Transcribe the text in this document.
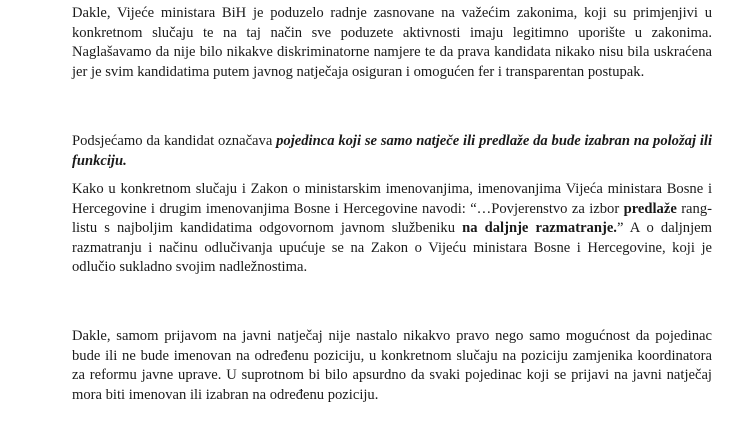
Dakle, Vijeće ministara BiH je poduzelo radnje zasnovane na važećim zakonima, koji su primjenjivi u konkretnom slučaju te na taj način sve poduzete aktivnosti imaju legitimno uporište u zakonima. Naglašavamo da nije bilo nikakve diskriminatorne namjere te da prava kandidata nikako nisu bila uskraćena jer je svim kandidatima putem javnog natječaja osiguran i omogućen fer i transparentan postupak.

Podsjećamo da kandidat označava pojedinca koji se samo natječe ili predlaže da bude izabran na položaj ili funkciju.

Kako u konkretnom slučaju i Zakon o ministarskim imenovanjima, imenovanjima Vijeća ministara Bosne i Hercegovine i drugim imenovanjima Bosne i Hercegovine navodi: “…Povjerenstvo za izbor predlaže rang-listu s najboljim kandidatima odgovornom javnom službeniku na daljnje razmatranje.” A o daljnjem razmatranju i načinu odlučivanja upućuje se na Zakon o Vijeću ministara Bosne i Hercegovine, koji je odlučio sukladno svojim nadležnostima.

Dakle, samom prijavom na javni natječaj nije nastalo nikakvo pravo nego samo mogućnost da pojedinac bude ili ne bude imenovan na određenu poziciju, u konkretnom slučaju na poziciju zamjenika koordinatora za reformu javne uprave. U suprotnom bi bilo apsurdno da svaki pojedinac koji se prijavi na javni natječaj mora biti imenovan ili izabran na određenu poziciju.
